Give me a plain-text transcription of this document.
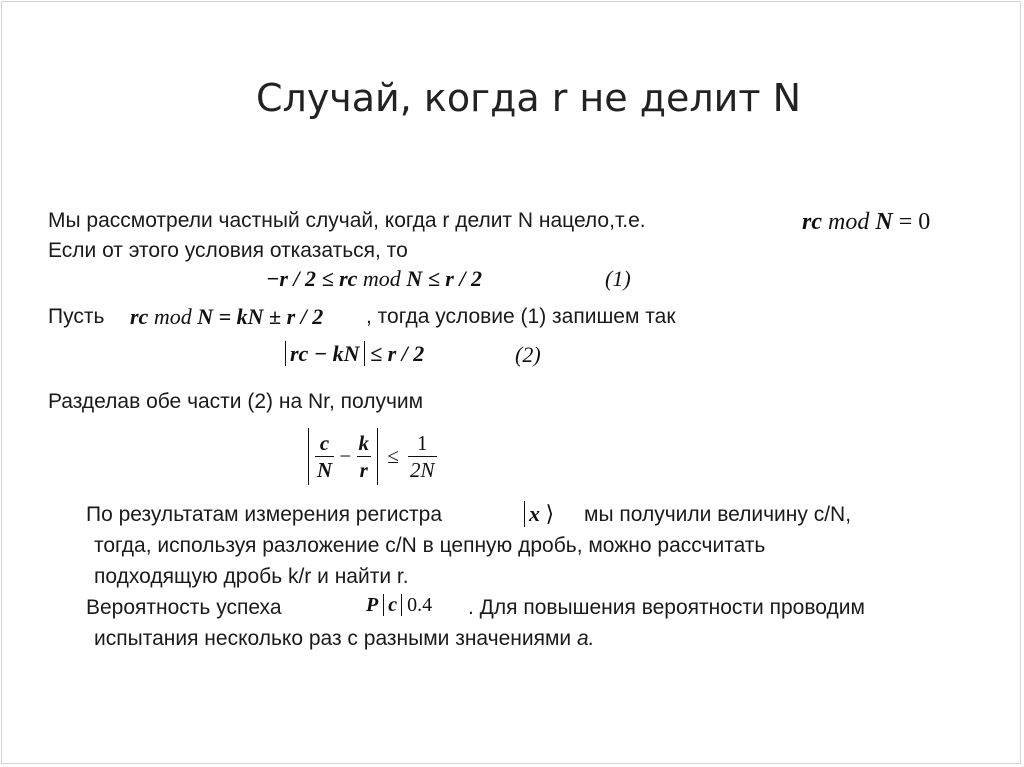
Случай, когда r не делит N
Мы рассмотрели частный случай, когда r делит N нацело,т.е.	rc mod N = 0
Если от этого условия отказаться, то
−r / 2 ≤ rc mod N ≤ r / 2	(1)
Пусть rc mod N = kN ± r / 2 , тогда условие (1) запишем так
rc − kN ≤ r / 2	(2)
Разделав обе части (2) на Nr, получим
$\frac{c}{N} - \frac{k}{r} \le \frac{1}{2N}$
По результатам измерения регистра	x ⟩ мы получили величину c/N,
тогда, используя разложение c/N в цепную дробь, можно рассчитать
подходящую дробь k/r и найти r.
Вероятность успеха	P c 0.4 . Для повышения вероятности проводим
испытания несколько раз с разными значениями a.
